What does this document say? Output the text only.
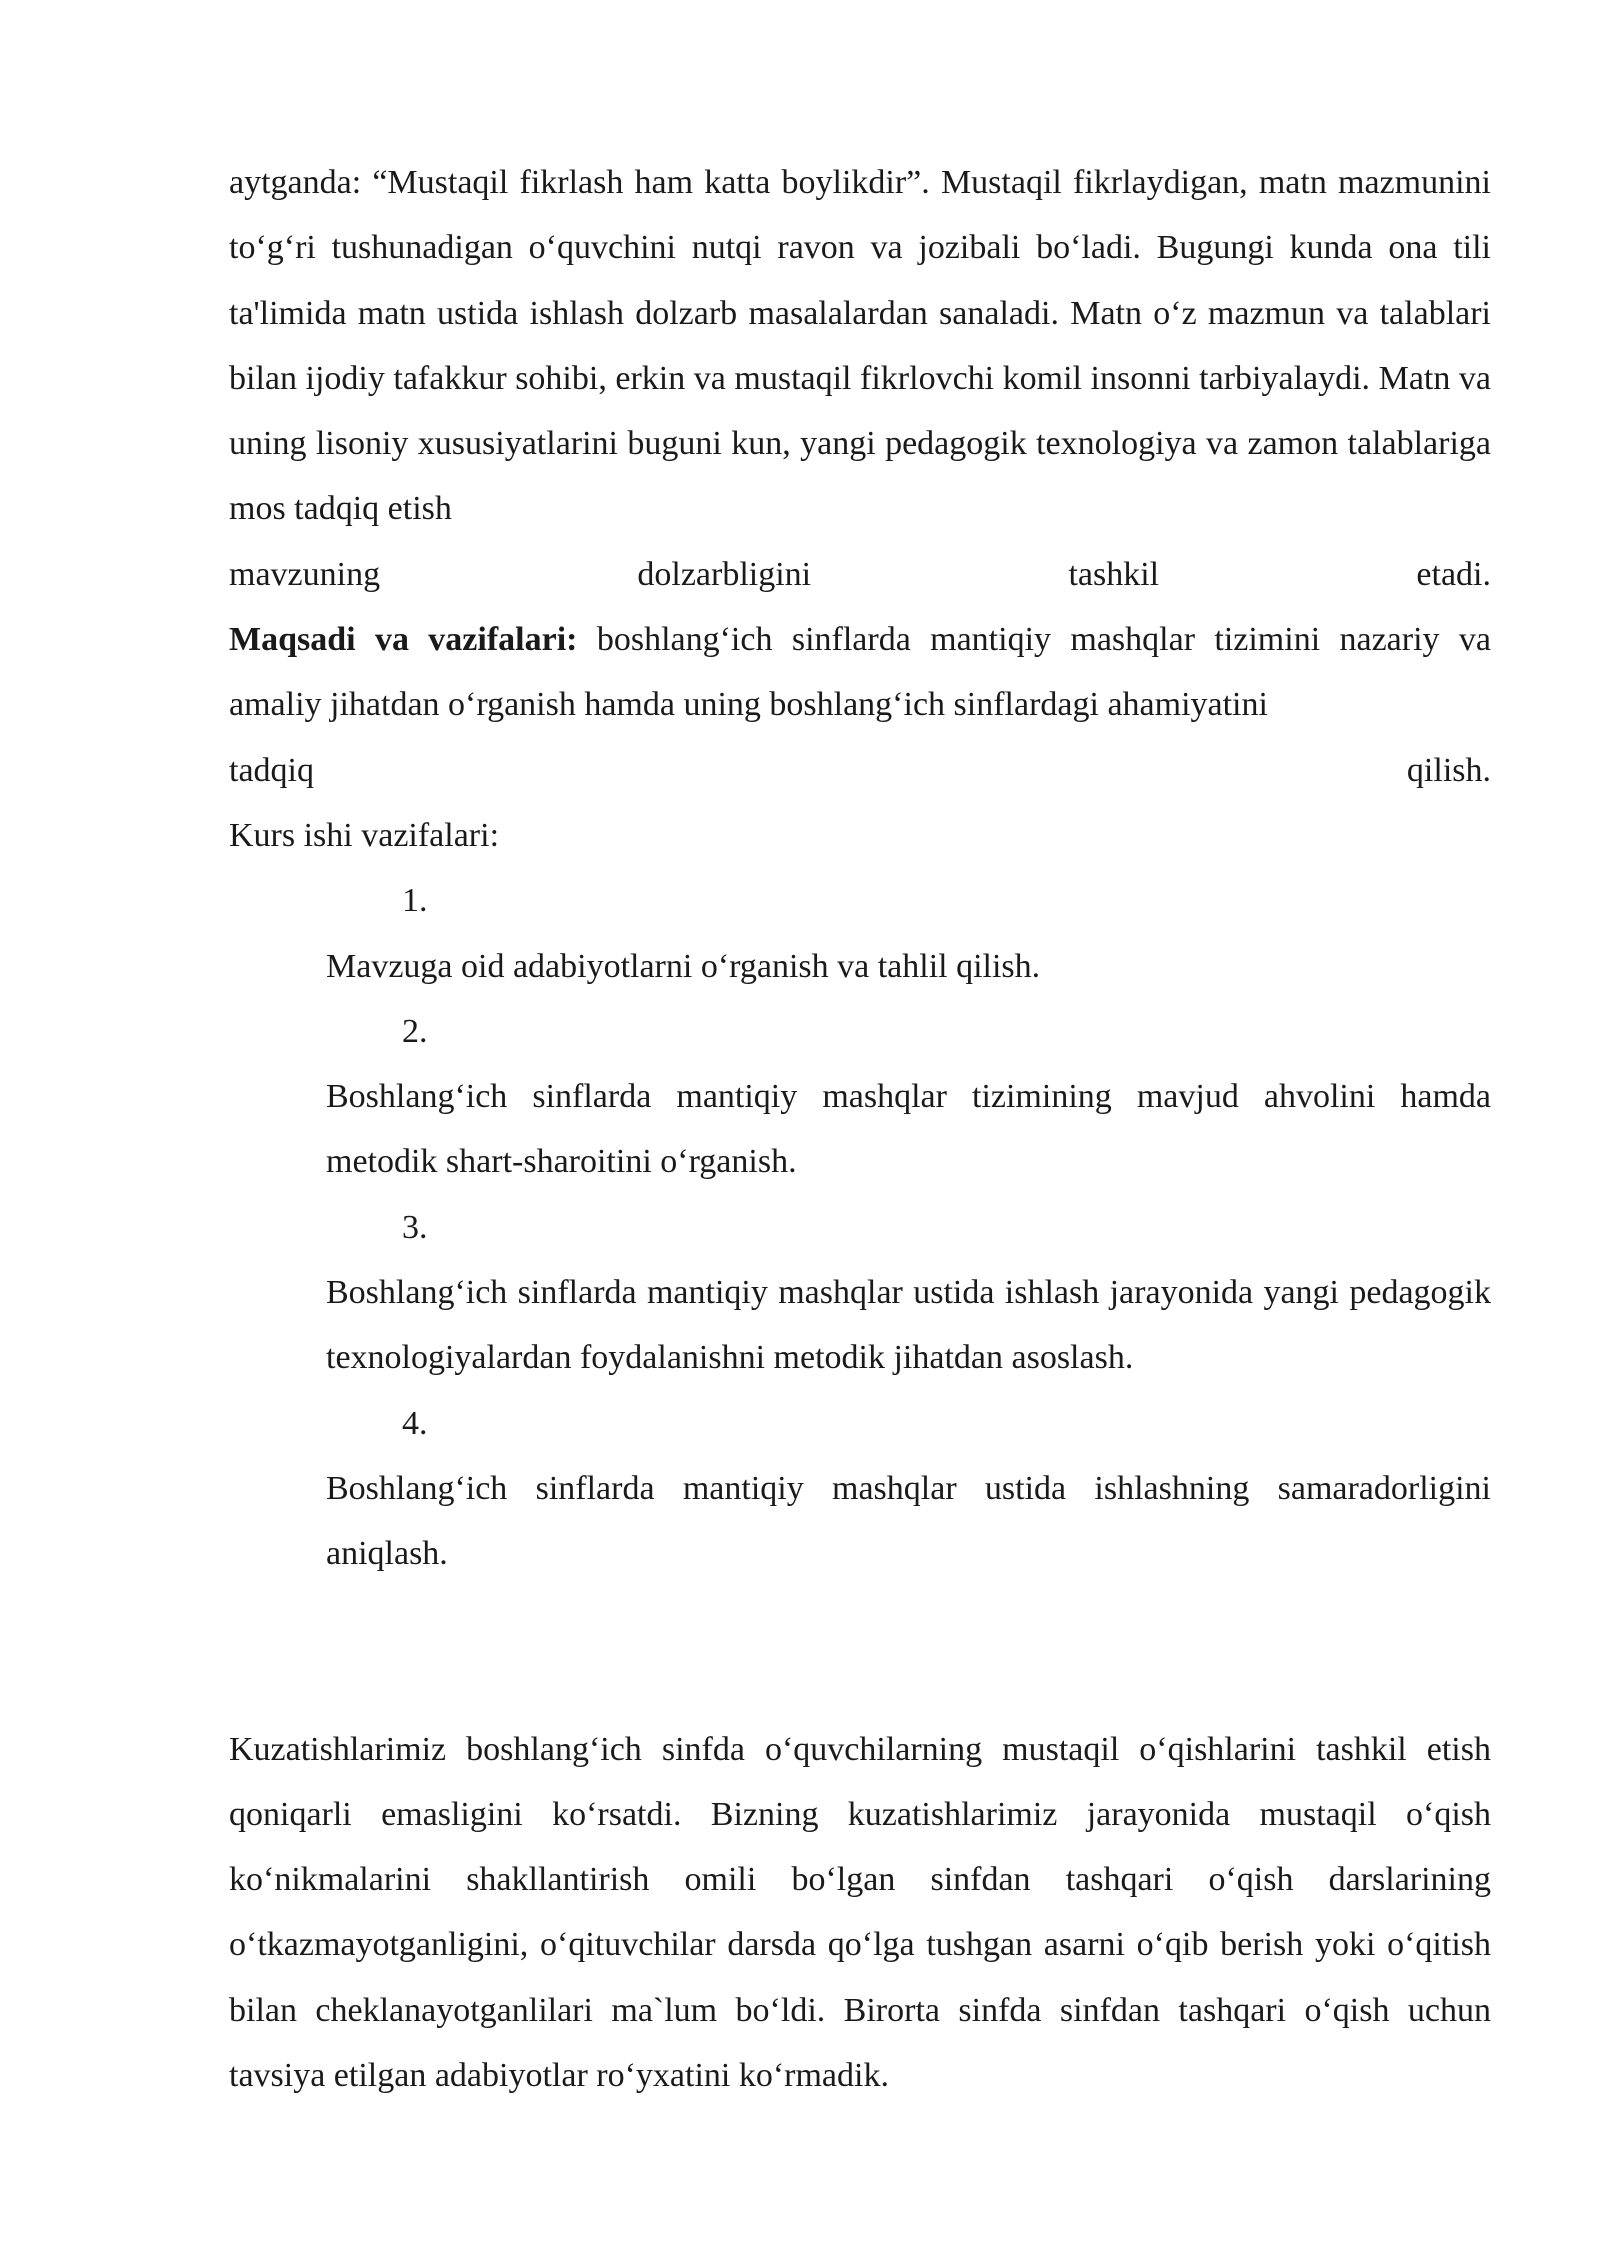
aytganda: “Mustaqil fikrlash ham katta boylikdir”. Mustaqil fikrlaydigan, matn mazmunini to‘g‘ri tushunadigan o‘quvchini nutqi ravon va jozibali bo‘ladi. Bugungi kunda ona tili ta'limida matn ustida ishlash dolzarb masalalardan sanaladi. Matn o‘z mazmun va talablari bilan ijodiy tafakkur sohibi, erkin va mustaqil fikrlovchi komil insonni tarbiyalaydi. Matn va uning lisoniy xususiyatlarini buguni kun, yangi pedagogik texnologiya va zamon talablariga mos tadqiq etish

mavzuning dolzarbligini tashkil etadi.

Maqsadi va vazifalari: boshlang‘ich sinflarda mantiqiy mashqlar tizimini nazariy va amaliy jihatdan o‘rganish hamda uning boshlang‘ich sinflardagi ahamiyatini

tadqiq qilish.

Kurs ishi vazifalari:

1.

Mavzuga oid adabiyotlarni o‘rganish va tahlil qilish.

2.

Boshlang‘ich sinflarda mantiqiy mashqlar tizimining mavjud ahvolini hamda metodik shart-sharoitini o‘rganish.

3.

Boshlang‘ich sinflarda mantiqiy mashqlar ustida ishlash jarayonida yangi pedagogik texnologiyalardan foydalanishni metodik jihatdan asoslash.

4.

Boshlang‘ich sinflarda mantiqiy mashqlar ustida ishlashning samaradorligini aniqlash.

Kuzatishlarimiz boshlang‘ich sinfda o‘quvchilarning mustaqil o‘qishlarini tashkil etish qoniqarli emasligini ko‘rsatdi. Bizning kuzatishlarimiz jarayonida mustaqil o‘qish ko‘nikmalarini shakllantirish omili bo‘lgan sinfdan tashqari o‘qish darslarining o‘tkazmayotganligini, o‘qituvchilar darsda qo‘lga tushgan asarni o‘qib berish yoki o‘qitish bilan cheklanayotganlilari ma`lum bo‘ldi. Birorta sinfda sinfdan tashqari o‘qish uchun tavsiya etilgan adabiyotlar ro‘yxatini ko‘rmadik.
